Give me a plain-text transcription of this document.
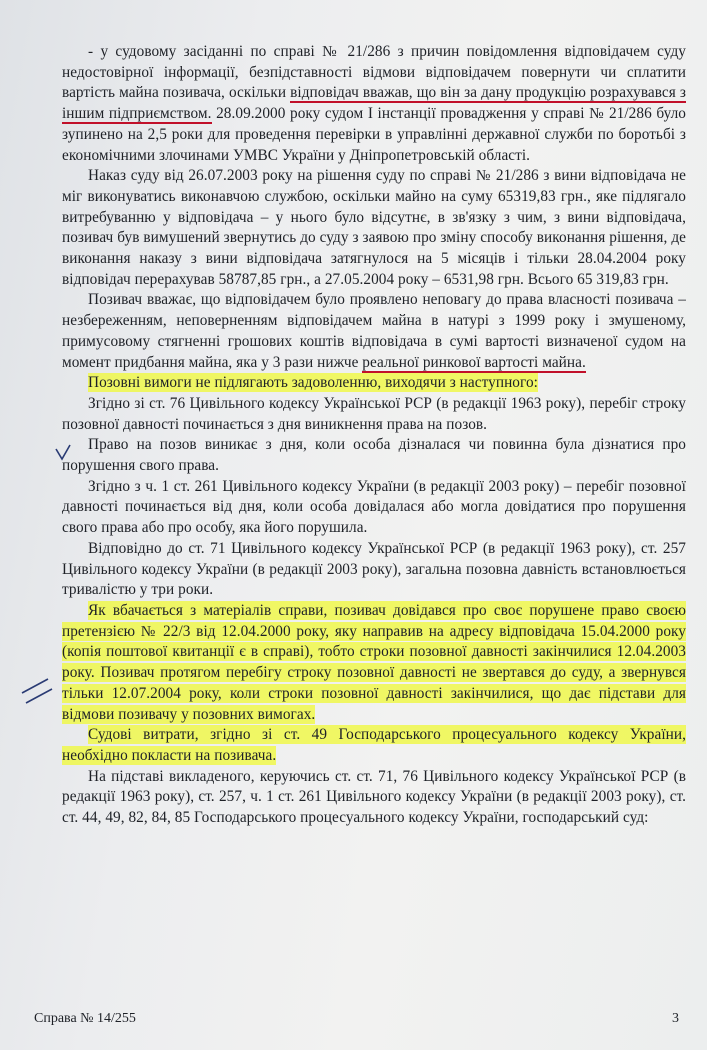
- у судовому засіданні по справі № 21/286 з причин повідомлення відповідачем суду недостовірної інформації, безпідставності відмови відповідачем повернути чи сплатити вартість майна позивача, оскільки відповідач вважав, що він за дану продукцію розрахувався з іншим підприємством. 28.09.2000 року судом І інстанції провадження у справі № 21/286 було зупинено на 2,5 роки для проведення перевірки в управлінні державної служби по боротьбі з економічними злочинами УМВС України у Дніпропетровській області.

Наказ суду від 26.07.2003 року на рішення суду по справі № 21/286 з вини відповідача не міг виконуватись виконавчою службою, оскільки майно на суму 65319,83 грн., яке підлягало витребуванню у відповідача – у нього було відсутнє, в зв'язку з чим, з вини відповідача, позивач був вимушений звернутись до суду з заявою про зміну способу виконання рішення, де виконання наказу з вини відповідача затягнулося на 5 місяців і тільки 28.04.2004 року відповідач перерахував 58787,85 грн., а 27.05.2004 року – 6531,98 грн. Всього 65 319,83 грн.

Позивач вважає, що відповідачем було проявлено неповагу до права власності позивача – незбереженням, неповерненням відповідачем майна в натурі з 1999 року і змушеному, примусовому стягненні грошових коштів відповідача в сумі вартості визначеної судом на момент придбання майна, яка у 3 рази нижче реальної ринкової вартості майна.

Позовні вимоги не підлягають задоволенню, виходячи з наступного:

Згідно зі ст. 76 Цивільного кодексу Української РСР (в редакції 1963 року), перебіг строку позовної давності починається з дня виникнення права на позов.

Право на позов виникає з дня, коли особа дізналася чи повинна була дізнатися про порушення свого права.

Згідно з ч. 1 ст. 261 Цивільного кодексу України (в редакції 2003 року) – перебіг позовної давності починається від дня, коли особа довідалася або могла довідатися про порушення свого права або про особу, яка його порушила.

Відповідно до ст. 71 Цивільного кодексу Української РСР (в редакції 1963 року), ст. 257 Цивільного кодексу України (в редакції 2003 року), загальна позовна давність встановлюється тривалістю у три роки.

Як вбачається з матеріалів справи, позивач довідався про своє порушене право своєю претензією № 22/3 від 12.04.2000 року, яку направив на адресу відповідача 15.04.2000 року (копія поштової квитанції є в справі), тобто строки позовної давності закінчилися 12.04.2003 року. Позивач протягом перебігу строку позовної давності не звертався до суду, а звернувся тільки 12.07.2004 року, коли строки позовної давності закінчилися, що дає підстави для відмови позивачу у позовних вимогах.

Судові витрати, згідно зі ст. 49 Господарського процесуального кодексу України, необхідно покласти на позивача.

На підставі викладеного, керуючись ст. ст. 71, 76 Цивільного кодексу Української РСР (в редакції 1963 року), ст. 257, ч. 1 ст. 261 Цивільного кодексу України (в редакції 2003 року), ст. ст. 44, 49, 82, 84, 85 Господарського процесуального кодексу України, господарський суд:

Справа № 14/255	3
